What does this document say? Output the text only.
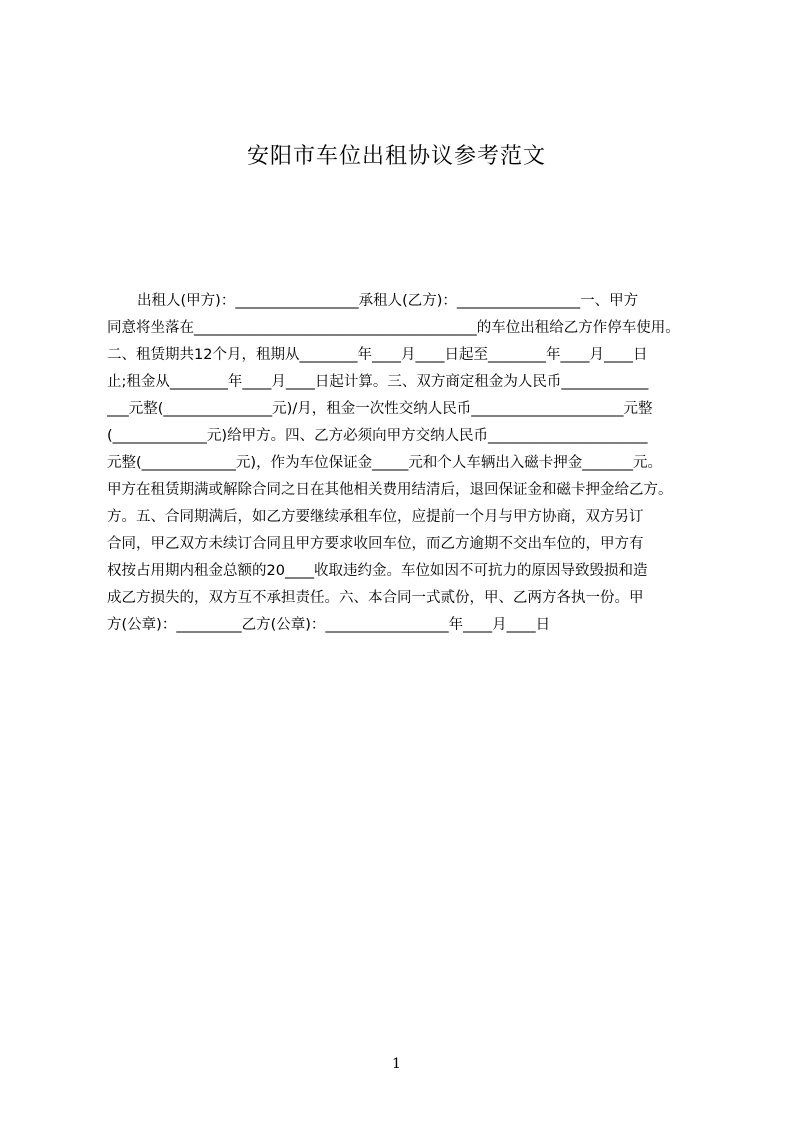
安阳市车位出租协议参考范文
出租人(甲方)：_________________承租人(乙方)：_________________一、甲方
同意将坐落在_______________________________________的车位出租给乙方作停车使用。
二、租赁期共12个月，租期从________年____月____日起至________年____月____日
止;租金从________年____月____日起计算。三、双方商定租金为人民币____________
___元整(_______________元)/月，租金一次性交纳人民币_____________________元整
(_____________元)给甲方。四、乙方必须向甲方交纳人民币______________________
元整(_____________元)，作为车位保证金_____元和个人车辆出入磁卡押金_______元。
甲方在租赁期满或解除合同之日在其他相关费用结清后，退回保证金和磁卡押金给乙方。
方。五、合同期满后，如乙方要继续承租车位，应提前一个月与甲方协商，双方另订
合同，甲乙双方未续订合同且甲方要求收回车位，而乙方逾期不交出车位的，甲方有
权按占用期内租金总额的20____收取违约金。车位如因不可抗力的原因导致毁损和造
成乙方损失的，双方互不承担责任。六、本合同一式贰份，甲、乙两方各执一份。甲
方(公章)：_________乙方(公章)：_________________年____月____日
1
